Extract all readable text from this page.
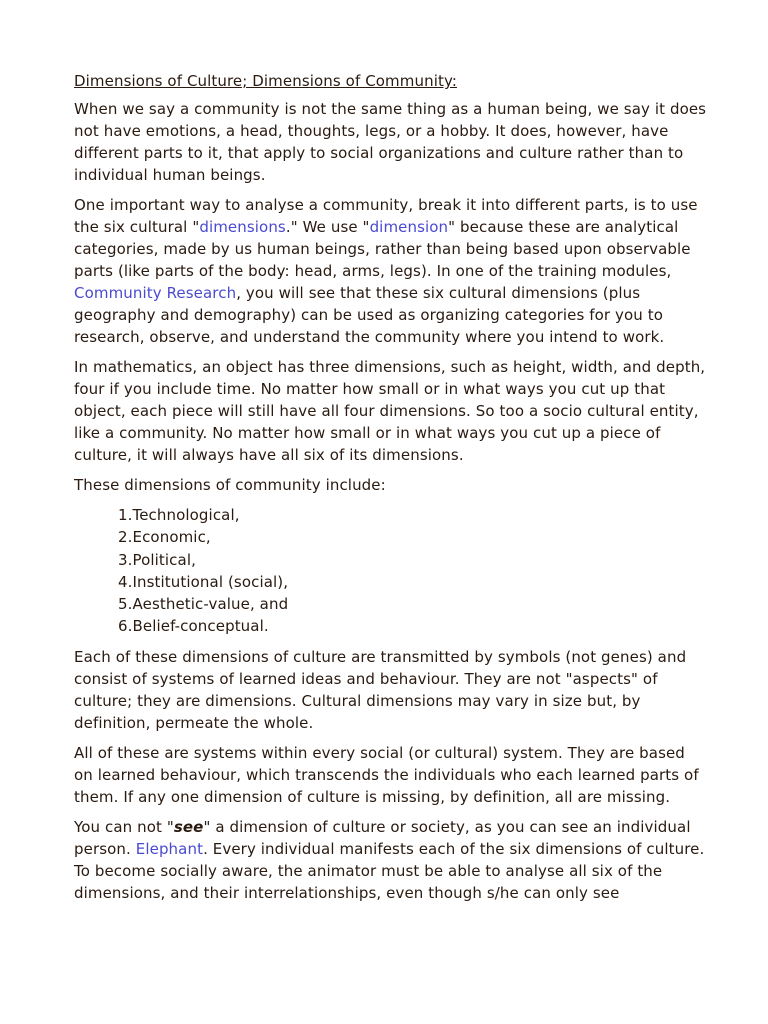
Dimensions of Culture; Dimensions of Community:

When we say a community is not the same thing as a human being, we say it does not have emotions, a head, thoughts, legs, or a hobby. It does, however, have different parts to it, that apply to social organizations and culture rather than to individual human beings.

One important way to analyse a community, break it into different parts, is to use the six cultural "dimensions." We use "dimension" because these are analytical categories, made by us human beings, rather than being based upon observable parts (like parts of the body: head, arms, legs). In one of the training modules, Community Research, you will see that these six cultural dimensions (plus geography and demography) can be used as organizing categories for you to research, observe, and understand the community where you intend to work.

In mathematics, an object has three dimensions, such as height, width, and depth, four if you include time. No matter how small or in what ways you cut up that object, each piece will still have all four dimensions. So too a socio cultural entity, like a community. No matter how small or in what ways you cut up a piece of culture, it will always have all six of its dimensions.

These dimensions of community include:

1.Technological,
2.Economic,
3.Political,
4.Institutional (social),
5.Aesthetic-value, and
6.Belief-conceptual.

Each of these dimensions of culture are transmitted by symbols (not genes) and consist of systems of learned ideas and behaviour. They are not "aspects" of culture; they are dimensions. Cultural dimensions may vary in size but, by definition, permeate the whole.

All of these are systems within every social (or cultural) system. They are based on learned behaviour, which transcends the individuals who each learned parts of them. If any one dimension of culture is missing, by definition, all are missing.

You can not "see" a dimension of culture or society, as you can see an individual person. Elephant. Every individual manifests each of the six dimensions of culture. To become socially aware, the animator must be able to analyse all six of the dimensions, and their interrelationships, even though s/he can only see
